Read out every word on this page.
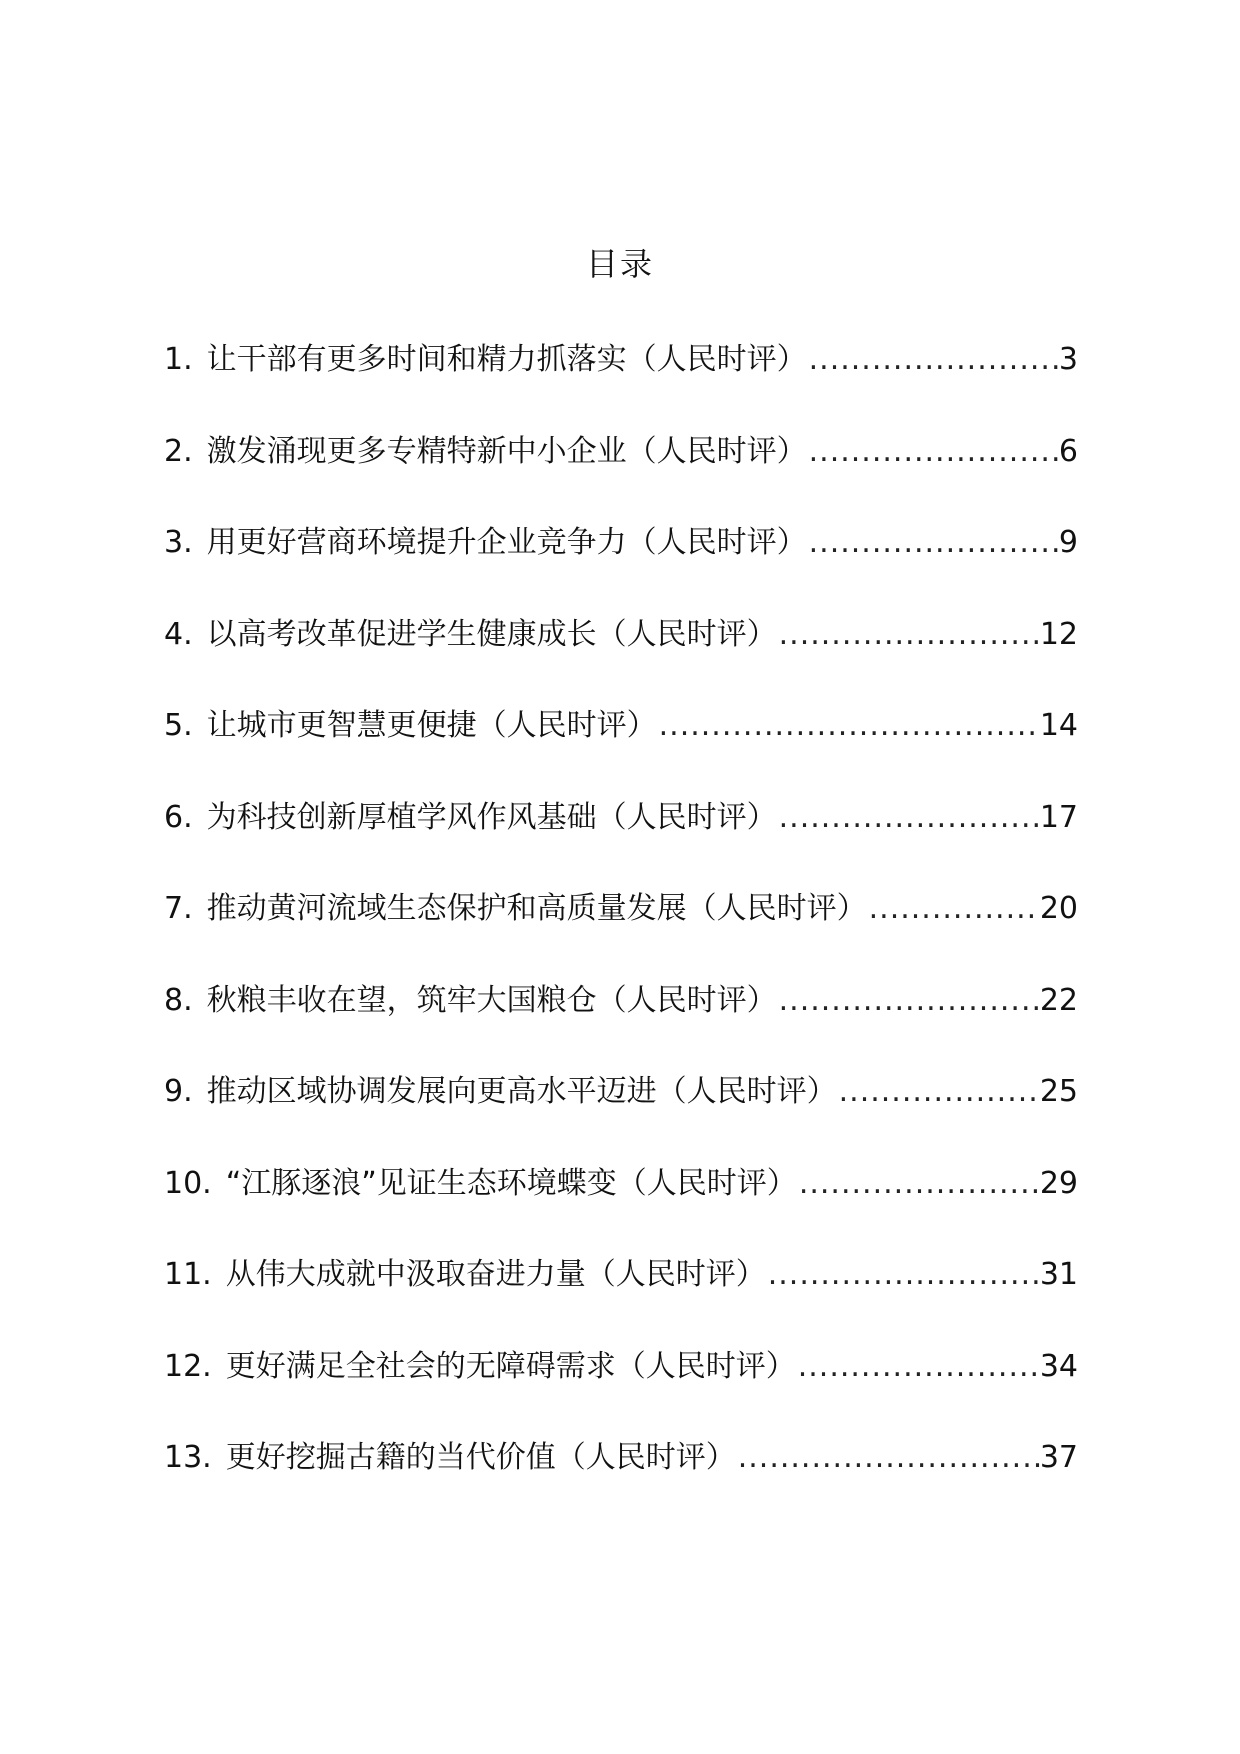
目录
1. 让干部有更多时间和精力抓落实（人民时评） .....	3
2. 激发涌现更多专精特新中小企业（人民时评） .....	6
3. 用更好营商环境提升企业竞争力（人民时评） .....	9
4. 以高考改革促进学生健康成长（人民时评） .....	12
5. 让城市更智慧更便捷（人民时评） .....	14
6. 为科技创新厚植学风作风基础（人民时评） .....	17
7. 推动黄河流域生态保护和高质量发展（人民时评） .....	20
8. 秋粮丰收在望，筑牢大国粮仓（人民时评） .....	22
9. 推动区域协调发展向更高水平迈进（人民时评） .....	25
10. “江豚逐浪”见证生态环境蝶变（人民时评） .....	29
11. 从伟大成就中汲取奋进力量（人民时评） .....	31
12. 更好满足全社会的无障碍需求（人民时评） .....	34
13. 更好挖掘古籍的当代价值（人民时评） .....	37
